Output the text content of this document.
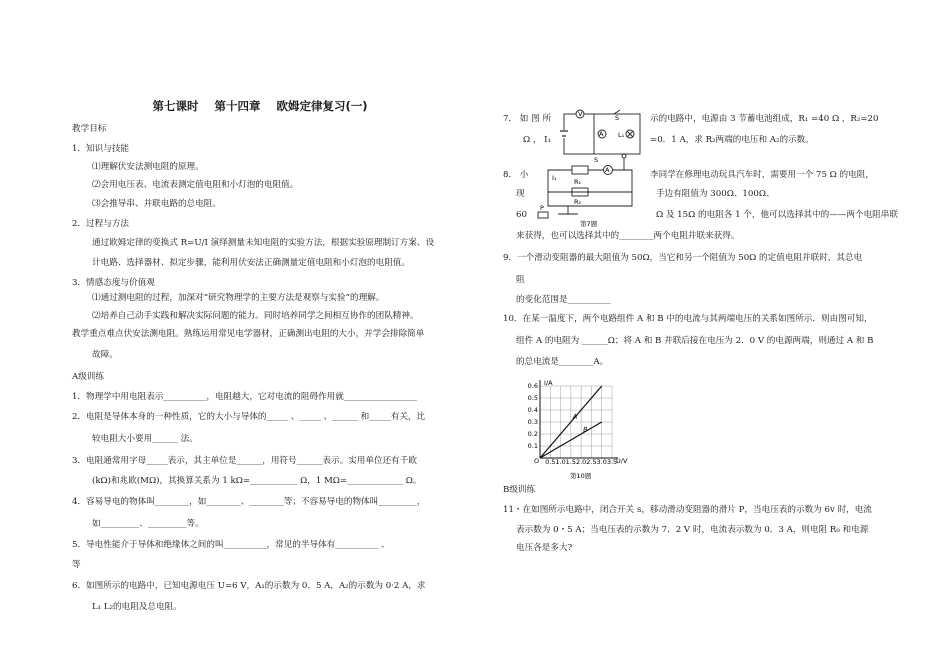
第七课时    第十四章    欧姆定律复习(一)
教学目标
1．知识与技能
⑴理解伏安法测电阻的原理。
⑵会用电压表、电流表测定值电阻和小灯泡的电阻值。
⑶会推导串、并联电路的总电阻。
2．过程与方法
通过欧姆定律的变换式 R=U/I 演绎测量未知电阻的实验方法，根据实验原理制订方案、设
计电路、选择器材、拟定步骤，能利用伏安法正确测量定值电阻和小灯泡的电阻值。
3．情感态度与价值观
⑴通过测电阻的过程，加深对“研究物理学的主要方法是观察与实验”的理解。
⑵培养自己动手实践和解决实际问题的能力。同时培养同学之间相互协作的团队精神。
教学重点难点伏安法测电阻。熟练运用常见电学器材，正确测出电阻的大小，并学会排除简单
故障。
A级训练
1．物理学中用电阻表示__________，电阻越大，它对电流的阻碍作用就_________________
2．电阻是导体本身的一种性质，它的大小与导体的_____ 、_____ 、______ 和_____有关，比
较电阻大小要用______ 法。
3．电阻通常用字母_____表示，其主单位是______，用符号______表示。实用单位还有千欧
(kΩ)和兆欧(MΩ)，其换算关系为 1 kΩ=___________ Ω，1 MΩ=_____________ Ω。
4．容易导电的物体叫________，如________、________等；不容易导电的物体叫_________，
如_________、_________等。
5．导电性能介于导体和绝缘体之间的叫__________，常见的半导体有__________ 、
等
6．如图所示的电路中，已知电源电压 U=6 V，A₁的示数为 0．5 A，A₂的示数为 0·2 A，求
L₁ L₂的电阻及总电阻。
7． 如 图 所	示的电路中，电源由 3 节蓄电池组成，R₁ =40 Ω ，R₂=20
Ω ， I₁	=0．1 A，求 R₂两端的电压和 A₂的示数。
8． 小	李同学在修理电动玩具汽车时，需要用一个 75 Ω 的电阻，
现	手边有阻值为 300Ω、100Ω、
60	Ω 及 15Ω 的电阻各 1 个，他可以选择其中的——两个电阻串联
来获得，也可以选择其中的________两个电阻并联来获得。
9．一个滑动变阻器的最大阻值为 50Ω，当它和另一个阻值为 50Ω 的定值电阻并联时，其总电
阻
的变化范围是__________
10．在某一温度下，两个电路组件 A 和 B 中的电流与其两端电压的关系如图所示．则由图可知，
组件 A 的电阻为 ______Ω；将 A 和 B 并联后接在电压为 2．0 V 的电源两端，则通过 A 和 B
的总电流是________A。
B级训练
11・在如图所示电路中，闭合开关 s，移动滑动变阻器的滑片 P，当电压表的示数为 6v 时，电流
表示数为 0・5 A；当电压表的示数为 7．2 V 时，电流表示数为 0．3 A，则电阻 R₀ 和电源
电压各是多大?
V
A L₁
S
S
I₁	R₁
R₂
A
P
第7题
A
B
I/A
U/V
O
第10题
0.6
0.5
0.4
0.3
0.2
0.1
0.5 1.0 1.5 2.0 2.5 3.0 3.5
